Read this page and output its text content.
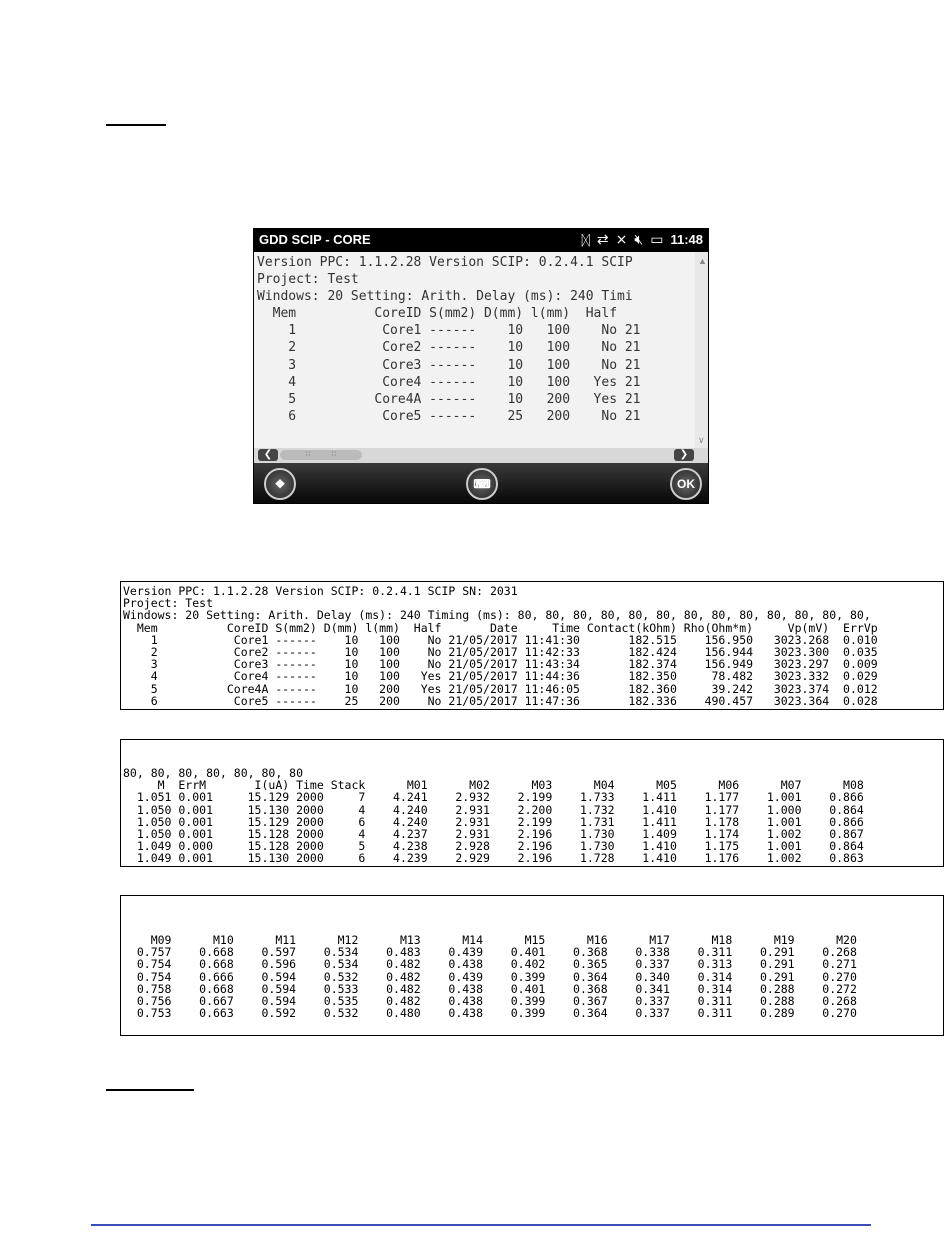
GDD SCIP - CORE	ᛞ ⇄ ⨯ 🔇︎ ▭ 11:48
Version PPC: 1.1.2.28 Version SCIP: 0.2.4.1 SCIP
Project: Test
Windows: 20 Setting: Arith. Delay (ms): 240 Timi
Mem          CoreID S(mm2) D(mm) l(mm)  Half
1           Core1 ------    10   100    No 21
2           Core2 ------    10   100    No 21
3           Core3 ------    10   100    No 21
4           Core4 ------    10   100   Yes 21
5          Core4A ------    10   200   Yes 21
6           Core5 ------    25   200    No 21
▲
∨
❮	∷   ∷	❯
❖	⌨	OK
Version PPC: 1.1.2.28 Version SCIP: 0.2.4.1 SCIP SN: 2031
Project: Test
Windows: 20 Setting: Arith. Delay (ms): 240 Timing (ms): 80, 80, 80, 80, 80, 80, 80, 80, 80, 80, 80, 80, 80,
Mem          CoreID S(mm2) D(mm) l(mm)  Half       Date     Time Contact(kOhm) Rho(Ohm*m)     Vp(mV)  ErrVp
1           Core1 ------    10   100    No 21/05/2017 11:41:30       182.515    156.950   3023.268  0.010
2           Core2 ------    10   100    No 21/05/2017 11:42:33       182.424    156.944   3023.300  0.035
3           Core3 ------    10   100    No 21/05/2017 11:43:34       182.374    156.949   3023.297  0.009
4           Core4 ------    10   100   Yes 21/05/2017 11:44:36       182.350     78.482   3023.332  0.029
5          Core4A ------    10   200   Yes 21/05/2017 11:46:05       182.360     39.242   3023.374  0.012
6           Core5 ------    25   200    No 21/05/2017 11:47:36       182.336    490.457   3023.364  0.028
80, 80, 80, 80, 80, 80, 80
M  ErrM       I(uA) Time Stack      M01      M02      M03      M04      M05      M06      M07      M08
1.051 0.001     15.129 2000     7    4.241    2.932    2.199    1.733    1.411    1.177    1.001    0.866
1.050 0.001     15.130 2000     4    4.240    2.931    2.200    1.732    1.410    1.177    1.000    0.864
1.050 0.001     15.129 2000     6    4.240    2.931    2.199    1.731    1.411    1.178    1.001    0.866
1.050 0.001     15.128 2000     4    4.237    2.931    2.196    1.730    1.409    1.174    1.002    0.867
1.049 0.000     15.128 2000     5    4.238    2.928    2.196    1.730    1.410    1.175    1.001    0.864
1.049 0.001     15.130 2000     6    4.239    2.929    2.196    1.728    1.410    1.176    1.002    0.863
M09      M10      M11      M12      M13      M14      M15      M16      M17      M18      M19      M20
0.757    0.668    0.597    0.534    0.483    0.439    0.401    0.368    0.338    0.311    0.291    0.268
0.754    0.668    0.596    0.534    0.482    0.438    0.402    0.365    0.337    0.313    0.291    0.271
0.754    0.666    0.594    0.532    0.482    0.439    0.399    0.364    0.340    0.314    0.291    0.270
0.758    0.668    0.594    0.533    0.482    0.438    0.401    0.368    0.341    0.314    0.288    0.272
0.756    0.667    0.594    0.535    0.482    0.438    0.399    0.367    0.337    0.311    0.288    0.268
0.753    0.663    0.592    0.532    0.480    0.438    0.399    0.364    0.337    0.311    0.289    0.270
